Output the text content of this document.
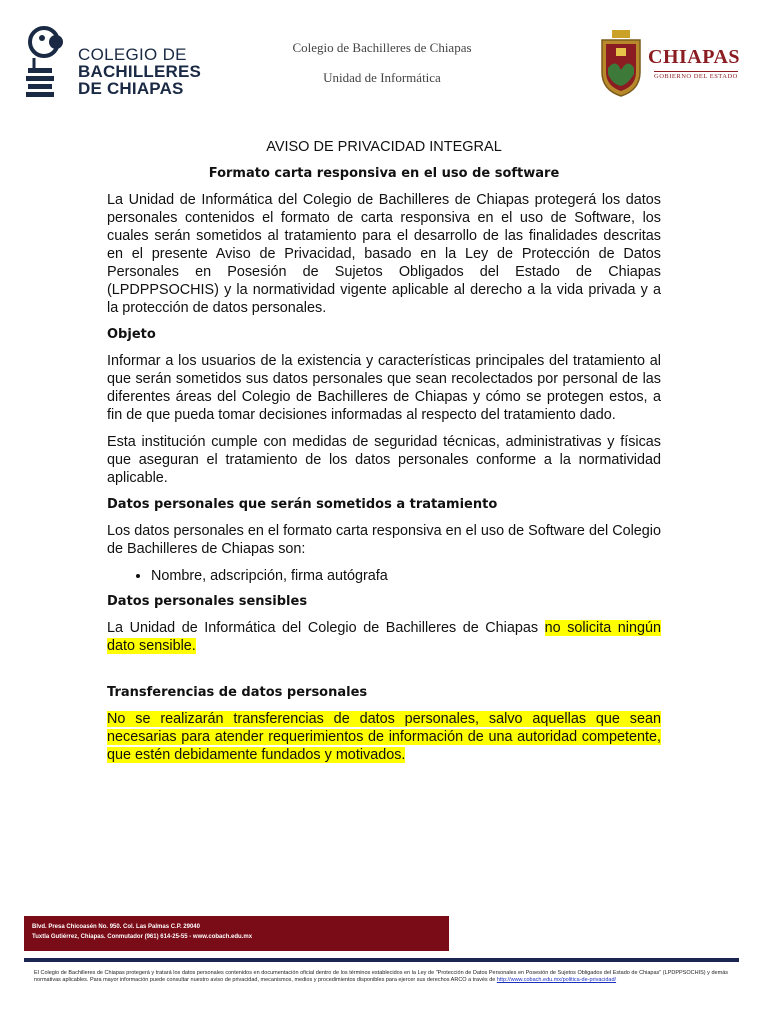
COLEGIO DE
BACHILLERES
DE CHIAPAS
Colegio de Bachilleres de Chiapas
Unidad de Informática
CHIAPAS
GOBIERNO DEL ESTADO
AVISO DE PRIVACIDAD INTEGRAL
Formato carta responsiva en el uso de software
La Unidad de Informática del Colegio de Bachilleres de Chiapas protegerá los datos personales contenidos el formato de carta responsiva en el uso de Software, los cuales serán sometidos al tratamiento para el desarrollo de las finalidades descritas en el presente Aviso de Privacidad, basado en la Ley de Protección de Datos Personales en Posesión de Sujetos Obligados del Estado de Chiapas (LPDPPSOCHIS) y la normatividad vigente aplicable al derecho a la vida privada y a la protección de datos personales.
Objeto
Informar a los usuarios de la existencia y características principales del tratamiento al que serán sometidos sus datos personales que sean recolectados por personal de las diferentes áreas del Colegio de Bachilleres de Chiapas y cómo se protegen estos, a fin de que pueda tomar decisiones informadas al respecto del tratamiento dado.
Esta institución cumple con medidas de seguridad técnicas, administrativas y físicas que aseguran el tratamiento de los datos personales conforme a la normatividad aplicable.
Datos personales que serán sometidos a tratamiento
Los datos personales en el formato carta responsiva en el uso de Software del Colegio de Bachilleres de Chiapas son:
• Nombre, adscripción, firma autógrafa
Datos personales sensibles
La Unidad de Informática del Colegio de Bachilleres de Chiapas no solicita ningún dato sensible.
Transferencias de datos personales
No se realizarán transferencias de datos personales, salvo aquellas que sean necesarias para atender requerimientos de información de una autoridad competente, que estén debidamente fundados y motivados.
Blvd. Presa Chicoasén No. 950. Col. Las Palmas C.P. 29040
Tuxtla Gutiérrez, Chiapas. Conmutador (961) 614-25-55 - www.cobach.edu.mx
El Colegio de Bachilleres de Chiapas protegerá y tratará los datos personales contenidos en documentación oficial dentro de los términos establecidos en la Ley de "Protección de Datos Personales en Posesión de Sujetos Obligados del Estado de Chiapas" (LPDPPSOCHIS) y demás normativas aplicables. Para mayor información puede consultar nuestro aviso de privacidad, mecanismos, medios y procedimientos disponibles para ejercer sus derechos ARCO a través de http://www.cobach.edu.mx/politica-de-privacidad/
